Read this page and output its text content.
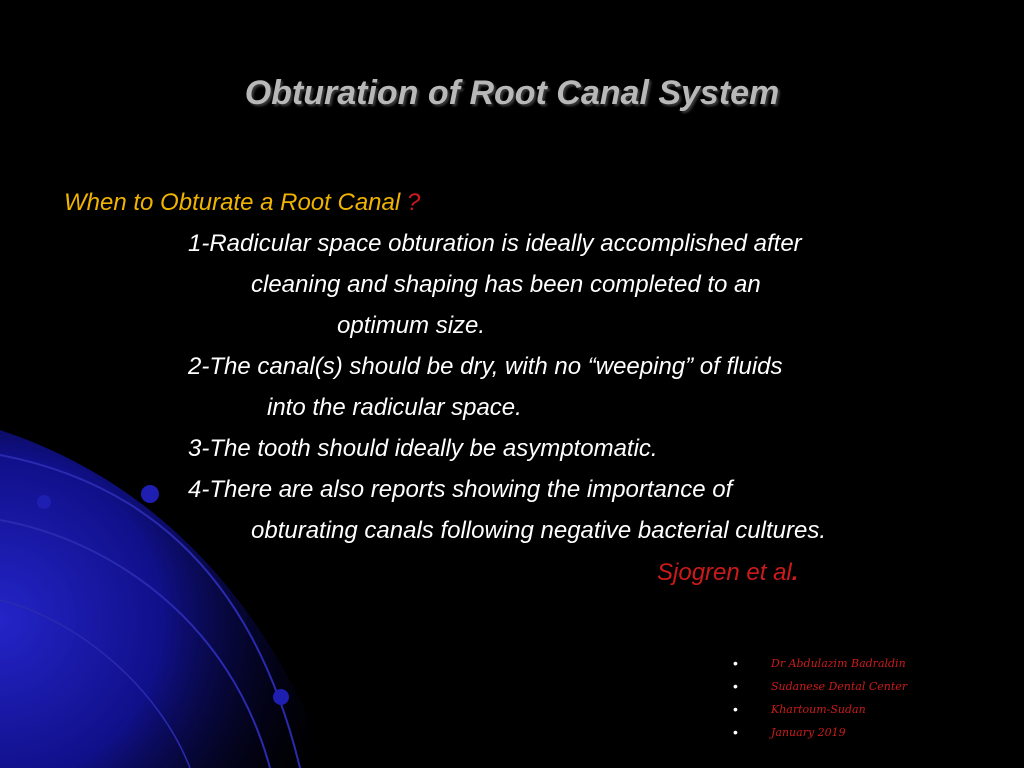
Obturation of Root Canal System
When to Obturate a Root Canal ?
1-Radicular space obturation is ideally accomplished after
cleaning and shaping has been completed to an
optimum size.
2-The canal(s) should be dry, with no “weeping” of fluids
into the radicular space.
3-The tooth should ideally be asymptomatic.
4-There are also reports showing the importance of
obturating canals following negative bacterial cultures.
Sjogren et al.
•	Dr Abdulazim Badraldin
•	Sudanese Dental Center
•	Khartoum-Sudan
•	January 2019
